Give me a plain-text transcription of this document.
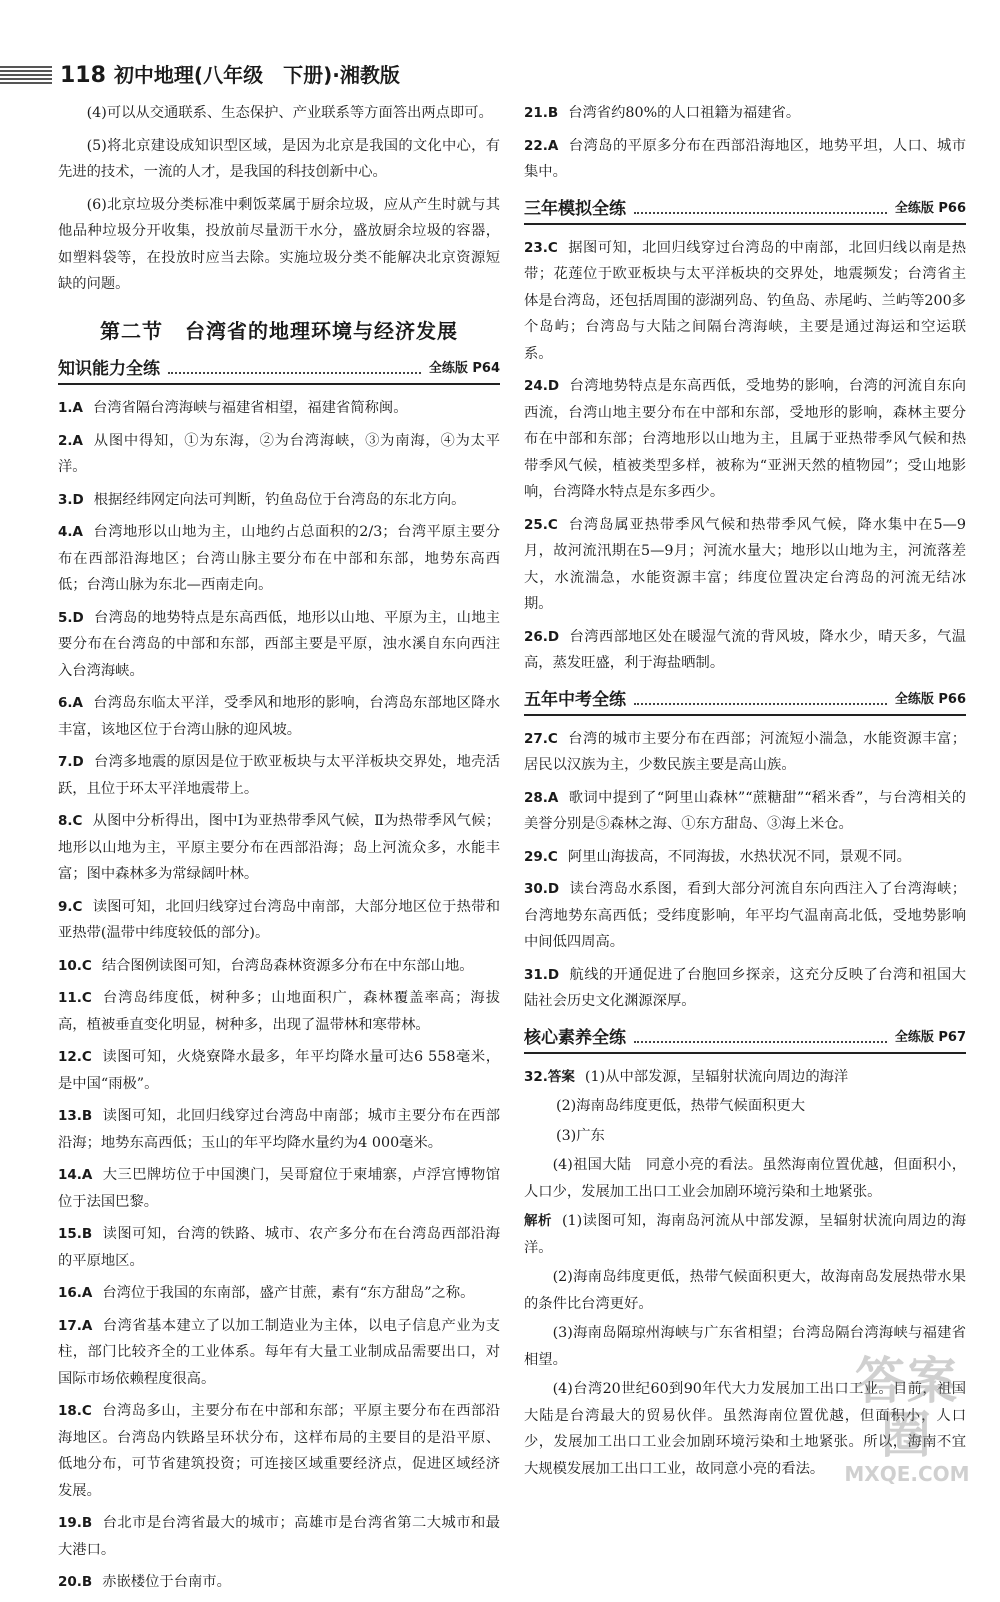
118 初中地理(八年级　下册)·湘教版

(4)可以从交通联系、生态保护、产业联系等方面答出两点即可。

(5)将北京建设成知识型区域，是因为北京是我国的文化中心，有先进的技术，一流的人才，是我国的科技创新中心。

(6)北京垃圾分类标准中剩饭菜属于厨余垃圾，应从产生时就与其他品种垃圾分开收集，投放前尽量沥干水分，盛放厨余垃圾的容器，如塑料袋等，在投放时应当去除。实施垃圾分类不能解决北京资源短缺的问题。

第二节 台湾省的地理环境与经济发展
知识能力全练	全练版 P64

1.A 台湾省隔台湾海峡与福建省相望，福建省简称闽。

2.A 从图中得知，①为东海，②为台湾海峡，③为南海，④为太平洋。

3.D 根据经纬网定向法可判断，钓鱼岛位于台湾岛的东北方向。

4.A 台湾地形以山地为主，山地约占总面积的2/3；台湾平原主要分布在西部沿海地区；台湾山脉主要分布在中部和东部，地势东高西低；台湾山脉为东北—西南走向。

5.D 台湾岛的地势特点是东高西低，地形以山地、平原为主，山地主要分布在台湾岛的中部和东部，西部主要是平原，浊水溪自东向西注入台湾海峡。

6.A 台湾岛东临太平洋，受季风和地形的影响，台湾岛东部地区降水丰富，该地区位于台湾山脉的迎风坡。

7.D 台湾多地震的原因是位于欧亚板块与太平洋板块交界处，地壳活跃，且位于环太平洋地震带上。

8.C 从图中分析得出，图中Ⅰ为亚热带季风气候，Ⅱ为热带季风气候；地形以山地为主，平原主要分布在西部沿海；岛上河流众多，水能丰富；图中森林多为常绿阔叶林。

9.C 读图可知，北回归线穿过台湾岛中南部，大部分地区位于热带和亚热带(温带中纬度较低的部分)。

10.C 结合图例读图可知，台湾岛森林资源多分布在中东部山地。

11.C 台湾岛纬度低，树种多；山地面积广，森林覆盖率高；海拔高，植被垂直变化明显，树种多，出现了温带林和寒带林。

12.C 读图可知，火烧寮降水最多，年平均降水量可达6 558毫米，是中国“雨极”。

13.B 读图可知，北回归线穿过台湾岛中南部；城市主要分布在西部沿海；地势东高西低；玉山的年平均降水量约为4 000毫米。

14.A 大三巴牌坊位于中国澳门，吴哥窟位于柬埔寨，卢浮宫博物馆位于法国巴黎。

15.B 读图可知，台湾的铁路、城市、农产多分布在台湾岛西部沿海的平原地区。

16.A 台湾位于我国的东南部，盛产甘蔗，素有“东方甜岛”之称。

17.A 台湾省基本建立了以加工制造业为主体，以电子信息产业为支柱，部门比较齐全的工业体系。每年有大量工业制成品需要出口，对国际市场依赖程度很高。

18.C 台湾岛多山，主要分布在中部和东部；平原主要分布在西部沿海地区。台湾岛内铁路呈环状分布，这样布局的主要目的是沿平原、低地分布，可节省建筑投资；可连接区域重要经济点，促进区域经济发展。

19.B 台北市是台湾省最大的城市；高雄市是台湾省第二大城市和最大港口。

20.B 赤嵌楼位于台南市。

21.B 台湾省约80%的人口祖籍为福建省。

22.A 台湾岛的平原多分布在西部沿海地区，地势平坦，人口、城市集中。

三年模拟全练	全练版 P66

23.C 据图可知，北回归线穿过台湾岛的中南部，北回归线以南是热带；花莲位于欧亚板块与太平洋板块的交界处，地震频发；台湾省主体是台湾岛，还包括周围的澎湖列岛、钓鱼岛、赤尾屿、兰屿等200多个岛屿；台湾岛与大陆之间隔台湾海峡，主要是通过海运和空运联系。

24.D 台湾地势特点是东高西低，受地势的影响，台湾的河流自东向西流，台湾山地主要分布在中部和东部，受地形的影响，森林主要分布在中部和东部；台湾地形以山地为主，且属于亚热带季风气候和热带季风气候，植被类型多样，被称为“亚洲天然的植物园”；受山地影响，台湾降水特点是东多西少。

25.C 台湾岛属亚热带季风气候和热带季风气候，降水集中在5—9月，故河流汛期在5—9月；河流水量大；地形以山地为主，河流落差大，水流湍急，水能资源丰富；纬度位置决定台湾岛的河流无结冰期。

26.D 台湾西部地区处在暖湿气流的背风坡，降水少，晴天多，气温高，蒸发旺盛，利于海盐晒制。

五年中考全练	全练版 P66

27.C 台湾的城市主要分布在西部；河流短小湍急，水能资源丰富；居民以汉族为主，少数民族主要是高山族。

28.A 歌词中提到了“阿里山森林”“蔗糖甜”“稻米香”，与台湾相关的美誉分别是⑤森林之海、①东方甜岛、③海上米仓。

29.C 阿里山海拔高，不同海拔，水热状况不同，景观不同。

30.D 读台湾岛水系图，看到大部分河流自东向西注入了台湾海峡；台湾地势东高西低；受纬度影响，年平均气温南高北低，受地势影响中间低四周高。

31.D 航线的开通促进了台胞回乡探亲，这充分反映了台湾和祖国大陆社会历史文化渊源深厚。

核心素养全练	全练版 P67

32.答案 (1)从中部发源，呈辐射状流向周边的海洋

(2)海南岛纬度更低，热带气候面积更大

(3)广东

(4)祖国大陆　同意小亮的看法。虽然海南位置优越，但面积小，人口少，发展加工出口工业会加剧环境污染和土地紧张。

解析 (1)读图可知，海南岛河流从中部发源，呈辐射状流向周边的海洋。

(2)海南岛纬度更低，热带气候面积更大，故海南岛发展热带水果的条件比台湾更好。

(3)海南岛隔琼州海峡与广东省相望；台湾岛隔台湾海峡与福建省相望。

(4)台湾20世纪60到90年代大力发展加工出口工业。目前，祖国大陆是台湾最大的贸易伙伴。虽然海南位置优越，但面积小，人口少，发展加工出口工业会加剧环境污染和土地紧张。所以，海南不宜大规模发展加工出口工业，故同意小亮的看法。

答案圈
MXQE.COM
